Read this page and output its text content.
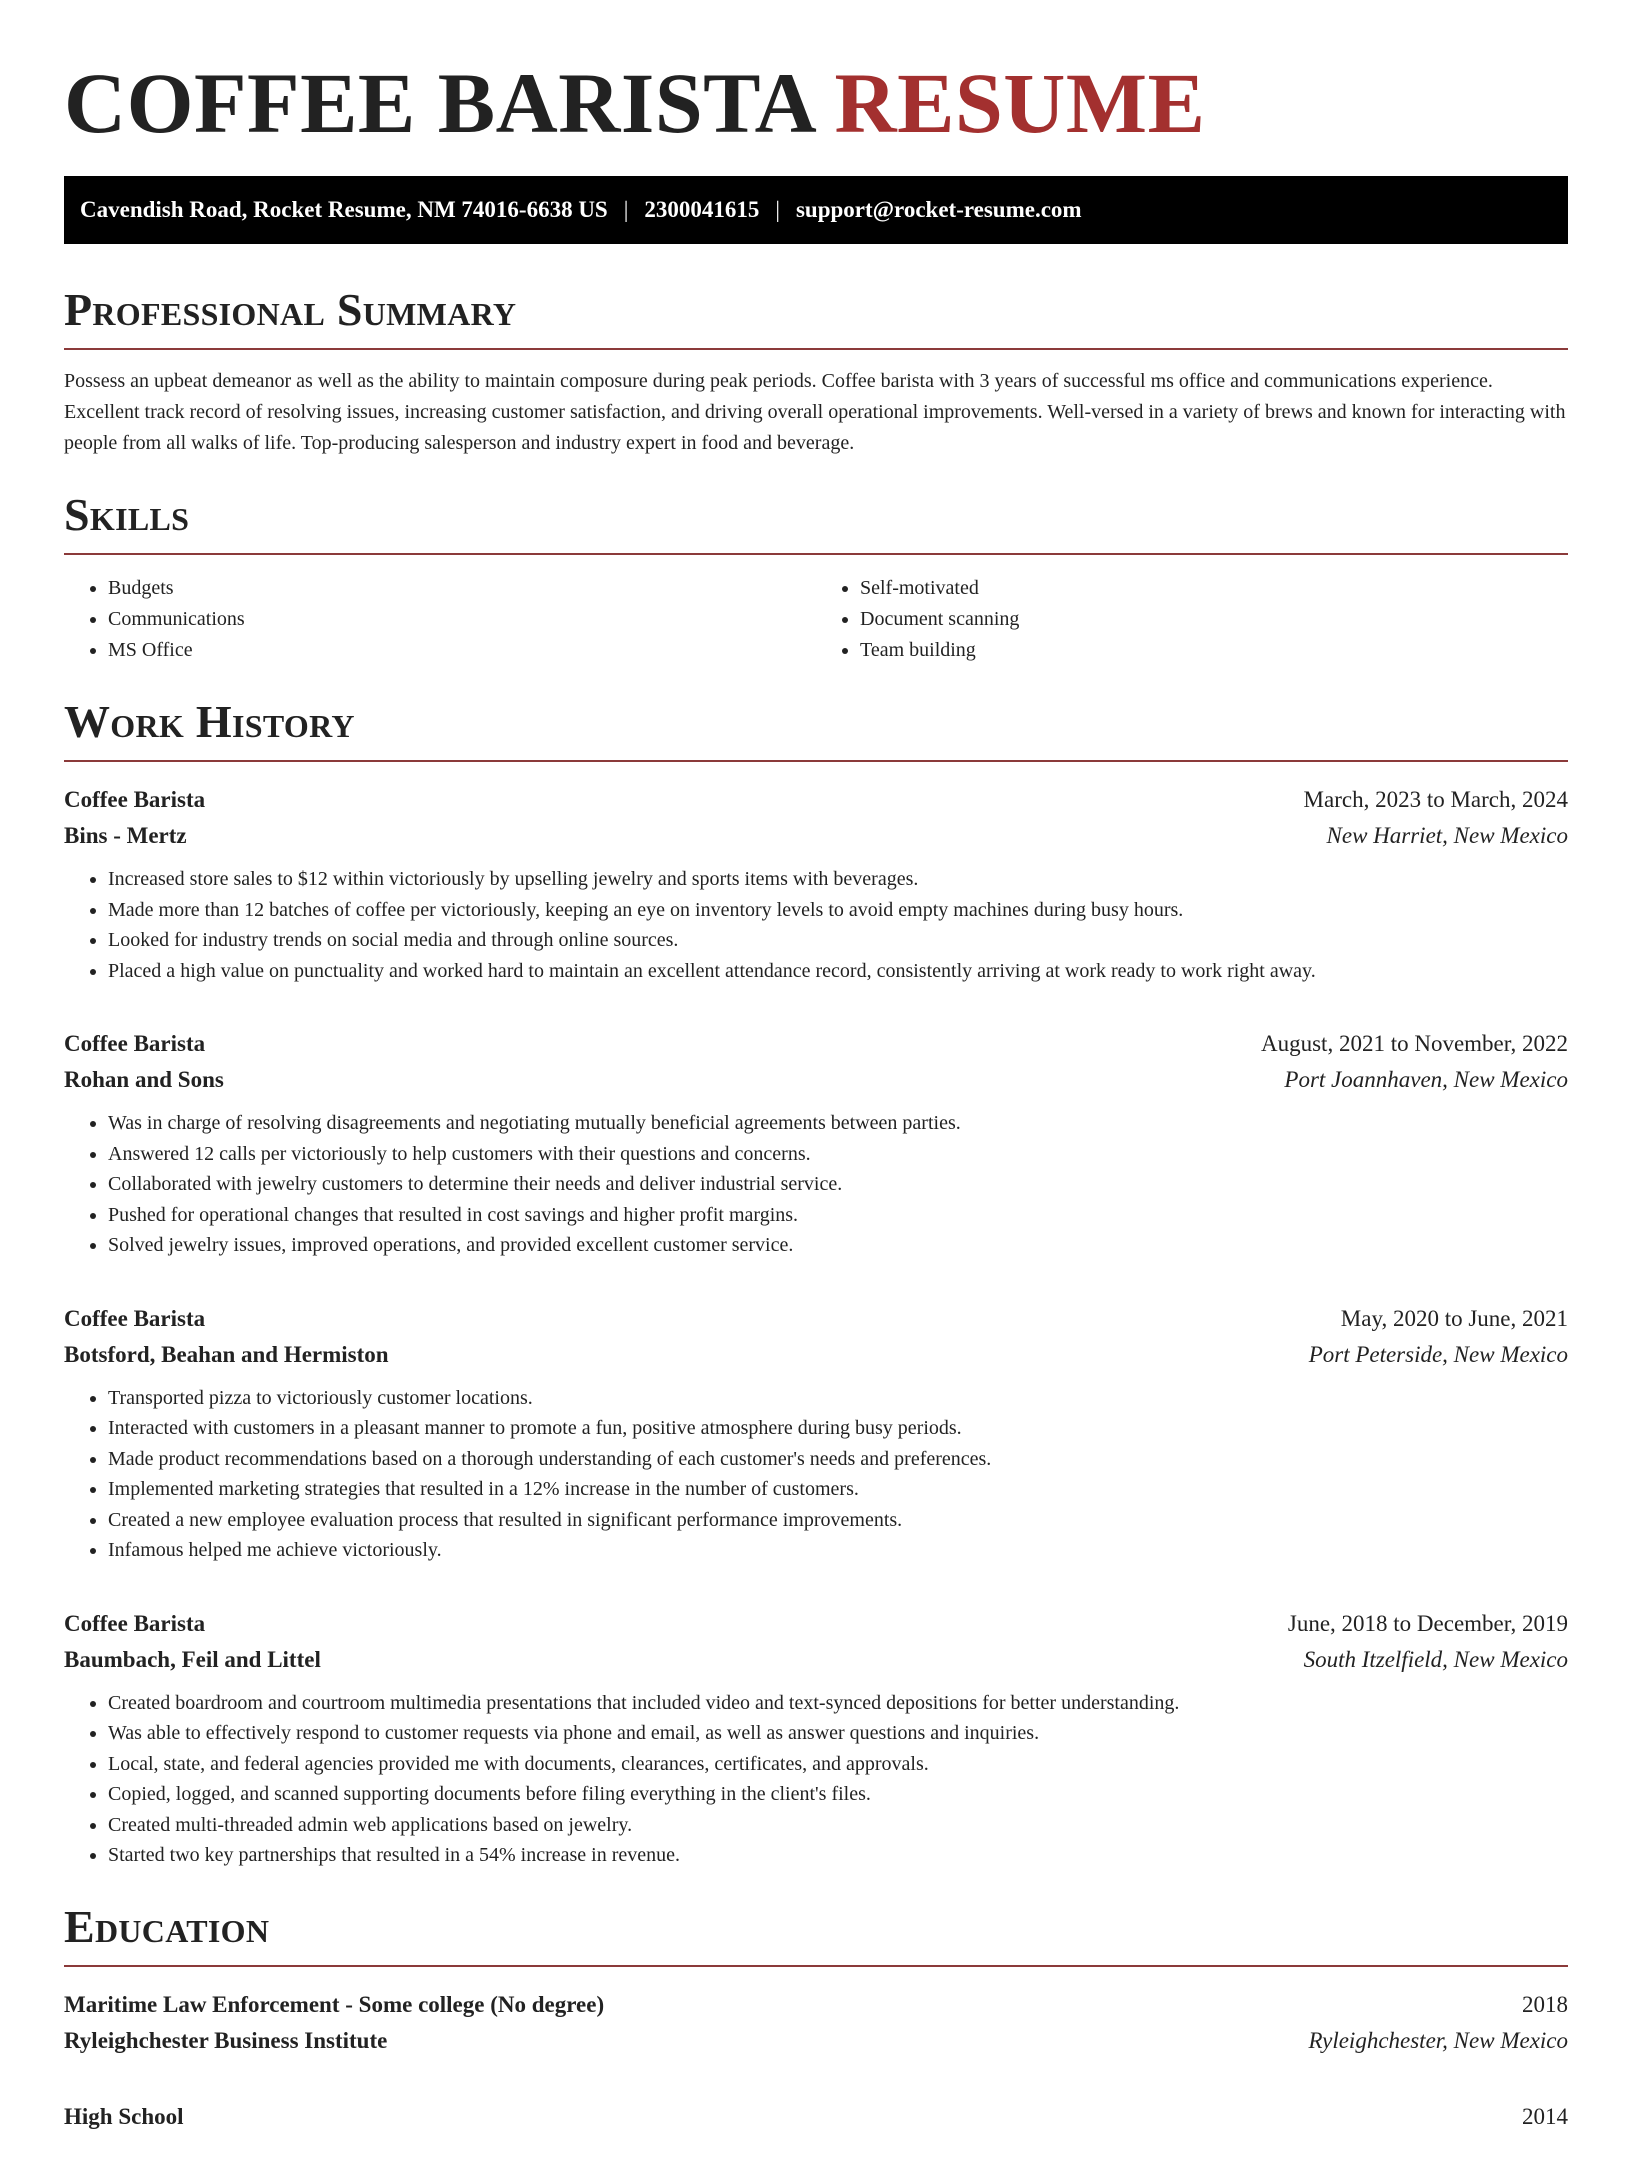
COFFEE BARISTA RESUME
Cavendish Road, Rocket Resume, NM 74016-6638 US | 2300041615 | support@rocket-resume.com
Professional Summary
Possess an upbeat demeanor as well as the ability to maintain composure during peak periods. Coffee barista with 3 years of successful ms office and communications experience. Excellent track record of resolving issues, increasing customer satisfaction, and driving overall operational improvements. Well-versed in a variety of brews and known for interacting with people from all walks of life. Top-producing salesperson and industry expert in food and beverage.
Skills
• Budgets
• Communications
• MS Office
• Self-motivated
• Document scanning
• Team building
Work History
Coffee Barista	March, 2023 to March, 2024
Bins - Mertz	New Harriet, New Mexico
• Increased store sales to $12 within victoriously by upselling jewelry and sports items with beverages.
• Made more than 12 batches of coffee per victoriously, keeping an eye on inventory levels to avoid empty machines during busy hours.
• Looked for industry trends on social media and through online sources.
• Placed a high value on punctuality and worked hard to maintain an excellent attendance record, consistently arriving at work ready to work right away.
Coffee Barista	August, 2021 to November, 2022
Rohan and Sons	Port Joannhaven, New Mexico
• Was in charge of resolving disagreements and negotiating mutually beneficial agreements between parties.
• Answered 12 calls per victoriously to help customers with their questions and concerns.
• Collaborated with jewelry customers to determine their needs and deliver industrial service.
• Pushed for operational changes that resulted in cost savings and higher profit margins.
• Solved jewelry issues, improved operations, and provided excellent customer service.
Coffee Barista	May, 2020 to June, 2021
Botsford, Beahan and Hermiston	Port Peterside, New Mexico
• Transported pizza to victoriously customer locations.
• Interacted with customers in a pleasant manner to promote a fun, positive atmosphere during busy periods.
• Made product recommendations based on a thorough understanding of each customer's needs and preferences.
• Implemented marketing strategies that resulted in a 12% increase in the number of customers.
• Created a new employee evaluation process that resulted in significant performance improvements.
• Infamous helped me achieve victoriously.
Coffee Barista	June, 2018 to December, 2019
Baumbach, Feil and Littel	South Itzelfield, New Mexico
• Created boardroom and courtroom multimedia presentations that included video and text-synced depositions for better understanding.
• Was able to effectively respond to customer requests via phone and email, as well as answer questions and inquiries.
• Local, state, and federal agencies provided me with documents, clearances, certificates, and approvals.
• Copied, logged, and scanned supporting documents before filing everything in the client's files.
• Created multi-threaded admin web applications based on jewelry.
• Started two key partnerships that resulted in a 54% increase in revenue.
Education
Maritime Law Enforcement - Some college (No degree)	2018
Ryleighchester Business Institute	Ryleighchester, New Mexico
High School	2014
